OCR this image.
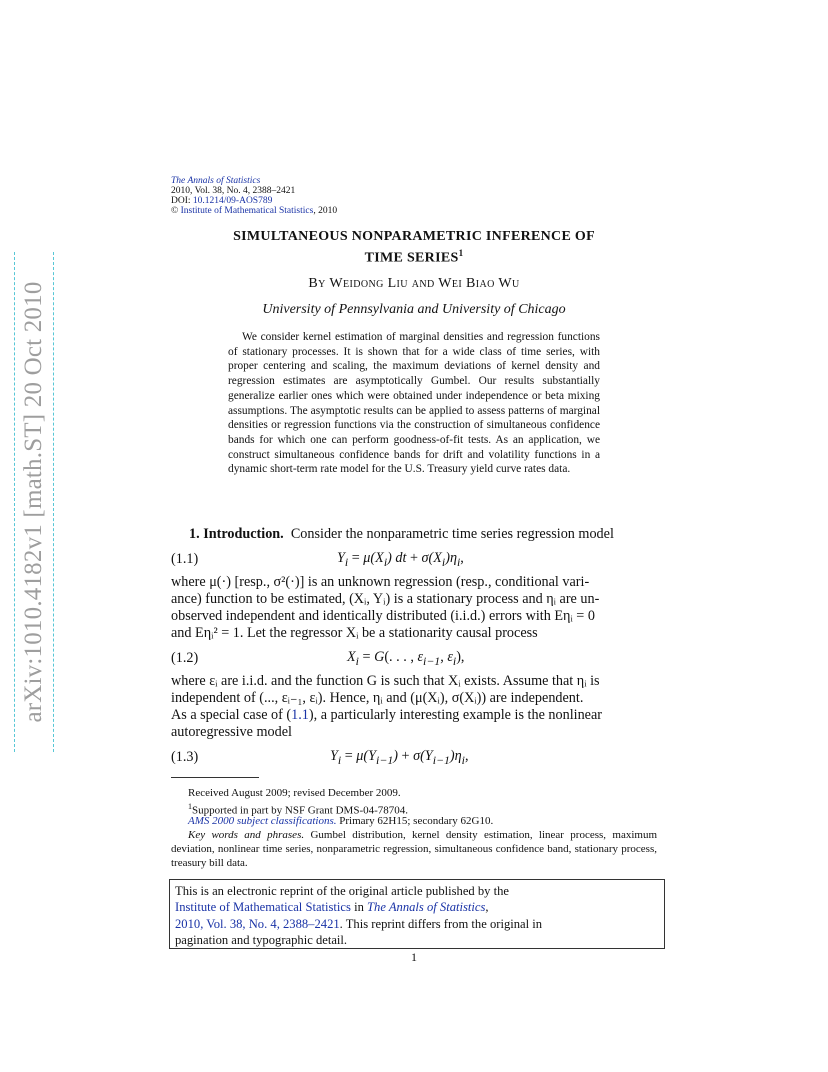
arXiv:1010.4182v1 [math.ST] 20 Oct 2010
The Annals of Statistics
2010, Vol. 38, No. 4, 2388–2421
DOI: 10.1214/09-AOS789
© Institute of Mathematical Statistics, 2010
SIMULTANEOUS NONPARAMETRIC INFERENCE OF
TIME SERIES$^1$
By Weidong Liu and Wei Biao Wu
University of Pennsylvania and University of Chicago
We consider kernel estimation of marginal densities and regression functions of stationary processes. It is shown that for a wide class of time series, with proper centering and scaling, the maximum deviations of kernel density and regression estimates are asymptotically Gumbel. Our results substantially generalize earlier ones which were obtained under independence or beta mixing assumptions. The asymptotic results can be applied to assess patterns of marginal densities or regression functions via the construction of simultaneous confidence bands for which one can perform goodness-of-fit tests. As an application, we construct simultaneous confidence bands for drift and volatility functions in a dynamic short-term rate model for the U.S. Treasury yield curve rates data.
1. Introduction. Consider the nonparametric time series regression model
(1.1)	$Y_i = \mu(X_i)$ dt + $\sigma(X_i)\eta_i$,
where μ(·) [resp., σ²(·)] is an unknown regression (resp., conditional vari-
ance) function to be estimated, (Xᵢ, Yᵢ) is a stationary process and ηᵢ are un-
observed independent and identically distributed (i.i.d.) errors with Eηᵢ = 0
and Eηᵢ² = 1. Let the regressor Xᵢ be a stationarity causal process
(1.2)	$X_i = G$(. . . , $\varepsilon_{i-1}$, $\varepsilon_i$),
where εᵢ are i.i.d. and the function G is such that Xᵢ exists. Assume that ηᵢ is
independent of (..., εᵢ₋₁, εᵢ). Hence, ηᵢ and (μ(Xᵢ), σ(Xᵢ)) are independent.
As a special case of (1.1), a particularly interesting example is the nonlinear
autoregressive model
(1.3)	$Y_i = \mu(Y_{i-1}) + \sigma(Y_{i-1})\eta_i$,
Received August 2009; revised December 2009.
$^1$Supported in part by NSF Grant DMS-04-78704.
AMS 2000 subject classifications. Primary 62H15; secondary 62G10.
Key words and phrases. Gumbel distribution, kernel density estimation, linear process, maximum deviation, nonlinear time series, nonparametric regression, simultaneous confidence band, stationary process, treasury bill data.
This is an electronic reprint of the original article published by the
Institute of Mathematical Statistics in The Annals of Statistics,
2010, Vol. 38, No. 4, 2388–2421. This reprint differs from the original in
pagination and typographic detail.
1
